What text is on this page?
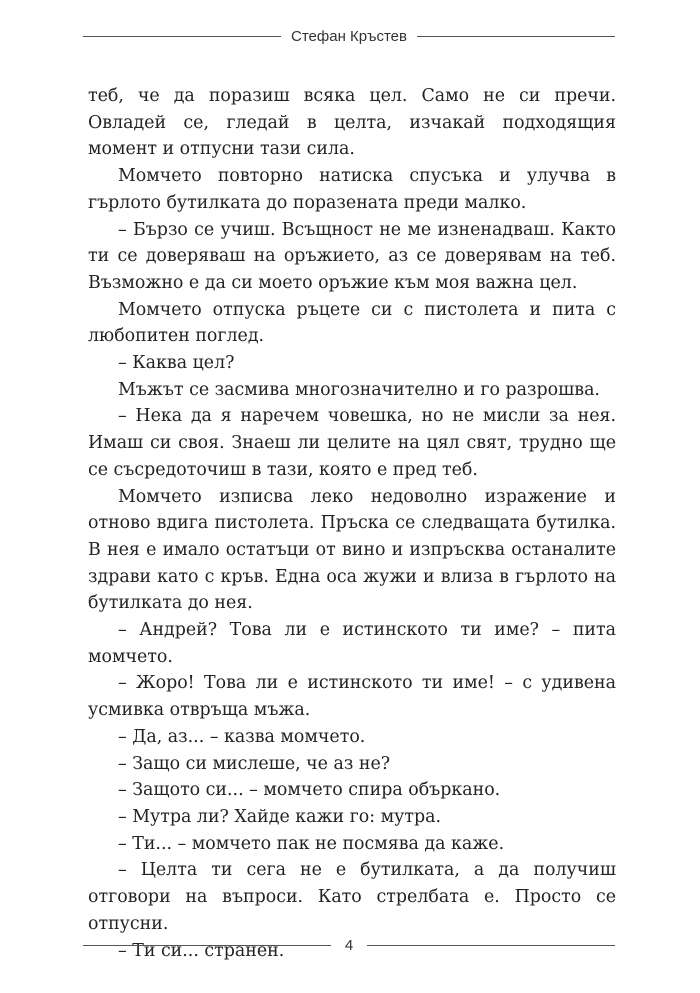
Стефан Кръстев

теб, че да поразиш всяка цел. Само не си пречи. Овладей се, гледай в целта, изчакай подходящия момент и отпусни тази сила.

Момчето повторно натиска спусъка и улучва в гърлото бутилката до поразената преди малко.

– Бързо се учиш. Всъщност не ме изненадваш. Както ти се доверяваш на оръжието, аз се доверявам на теб. Възможно е да си моето оръжие към моя важна цел.

Момчето отпуска ръцете си с пистолета и пита с любопитен поглед.

– Каква цел?

Мъжът се засмива многозначително и го разрошва.

– Нека да я наречем човешка, но не мисли за нея. Имаш си своя. Знаеш ли целите на цял свят, трудно ще се съсредоточиш в тази, която е пред теб.

Момчето изписва леко недоволно изражение и отново вдига пистолета. Пръска се следващата бутилка. В нея е имало остатъци от вино и изпръсква останалите здрави като с кръв. Една оса жужи и влиза в гърлото на бутилката до нея.

– Андрей? Това ли е истинското ти име? – пита момчето.

– Жоро! Това ли е истинското ти име! – с удивена усмивка отвръща мъжа.

– Да, аз... – казва момчето.

– Защо си мислеше, че аз не?

– Защото си... – момчето спира объркано.

– Мутра ли? Хайде кажи го: мутра.

– Ти... – момчето пак не посмява да каже.

– Целта ти сега не е бутилката, а да получиш отговори на въпроси. Като стрелбата е. Просто се отпусни.

– Ти си... странен.	4
